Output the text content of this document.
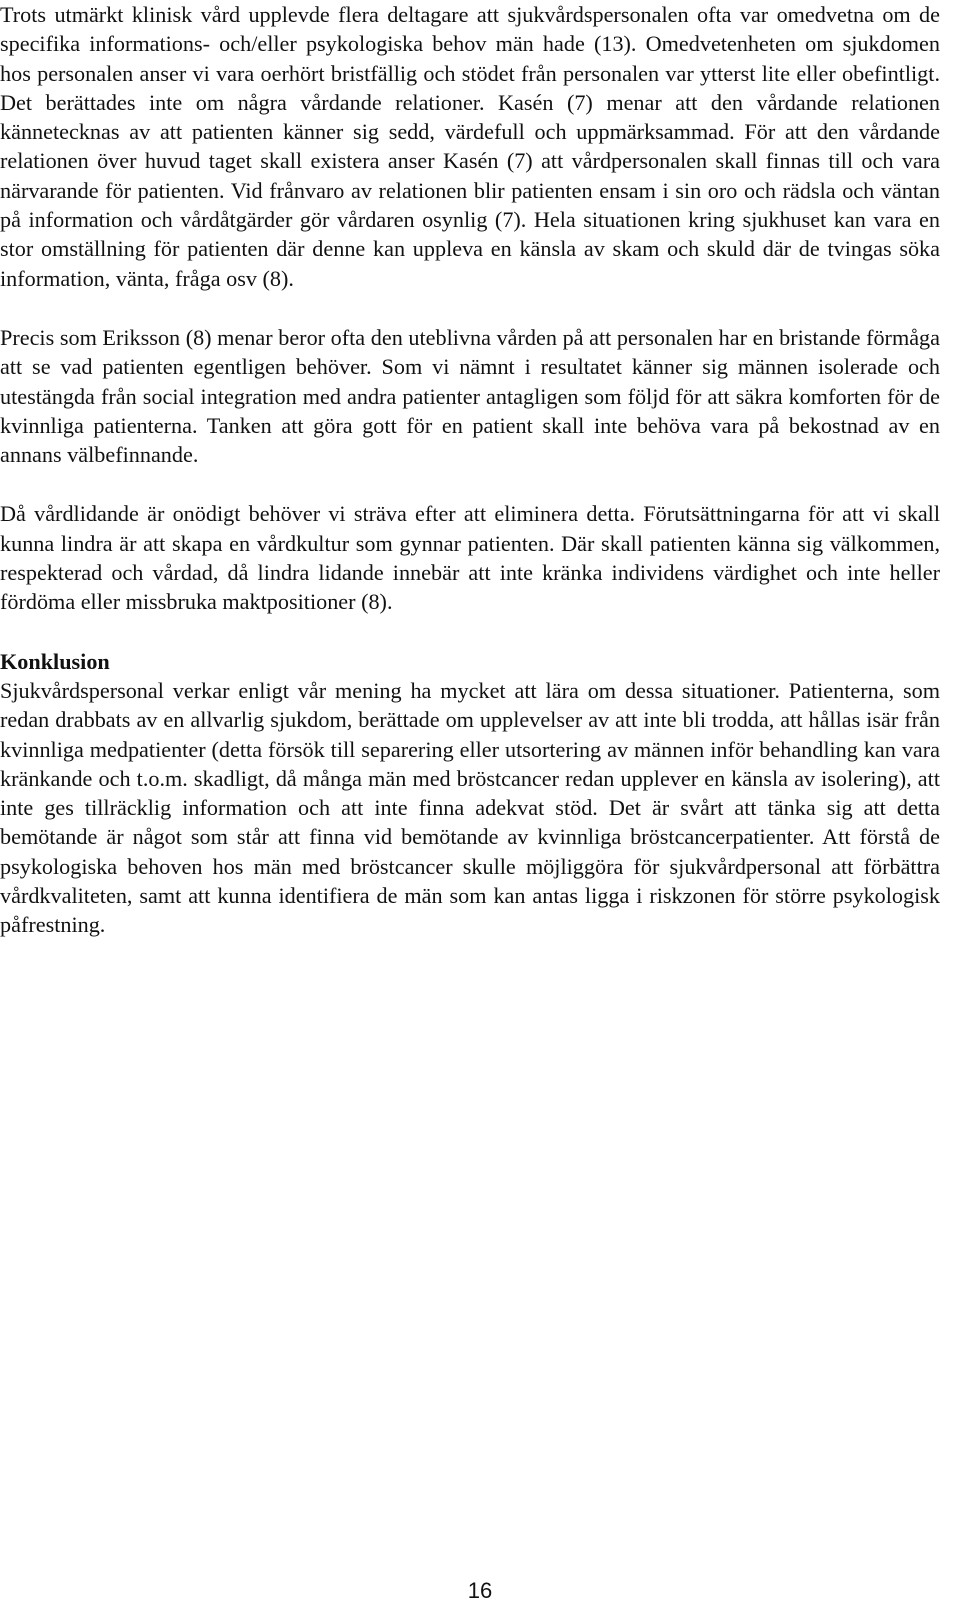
Trots utmärkt klinisk vård upplevde flera deltagare att sjukvårdspersonalen ofta var omedvetna om de specifika informations- och/eller psykologiska behov män hade (13). Omedvetenheten om sjukdomen hos personalen anser vi vara oerhört bristfällig och stödet från personalen var ytterst lite eller obefintligt. Det berättades inte om några vårdande relationer. Kasén (7) menar att den vårdande relationen kännetecknas av att patienten känner sig sedd, värdefull och uppmärksammad. För att den vårdande relationen över huvud taget skall existera anser Kasén (7) att vårdpersonalen skall finnas till och vara närvarande för patienten. Vid frånvaro av relationen blir patienten ensam i sin oro och rädsla och väntan på information och vårdåtgärder gör vårdaren osynlig (7). Hela situationen kring sjukhuset kan vara en stor omställning för patienten där denne kan uppleva en känsla av skam och skuld där de tvingas söka information, vänta, fråga osv (8).

Precis som Eriksson (8) menar beror ofta den uteblivna vården på att personalen har en bristande förmåga att se vad patienten egentligen behöver. Som vi nämnt i resultatet känner sig männen isolerade och utestängda från social integration med andra patienter antagligen som följd för att säkra komforten för de kvinnliga patienterna. Tanken att göra gott för en patient skall inte behöva vara på bekostnad av en annans välbefinnande.

Då vårdlidande är onödigt behöver vi sträva efter att eliminera detta. Förutsättningarna för att vi skall kunna lindra är att skapa en vårdkultur som gynnar patienten. Där skall patienten känna sig välkommen, respekterad och vårdad, då lindra lidande innebär att inte kränka individens värdighet och inte heller fördöma eller missbruka maktpositioner (8).

Konklusion

Sjukvårdspersonal verkar enligt vår mening ha mycket att lära om dessa situationer. Patienterna, som redan drabbats av en allvarlig sjukdom, berättade om upplevelser av att inte bli trodda, att hållas isär från kvinnliga medpatienter (detta försök till separering eller utsortering av männen inför behandling kan vara kränkande och t.o.m. skadligt, då många män med bröstcancer redan upplever en känsla av isolering), att inte ges tillräcklig information och att inte finna adekvat stöd. Det är svårt att tänka sig att detta bemötande är något som står att finna vid bemötande av kvinnliga bröstcancerpatienter. Att förstå de psykologiska behoven hos män med bröstcancer skulle möjliggöra för sjukvårdpersonal att förbättra vårdkvaliteten, samt att kunna identifiera de män som kan antas ligga i riskzonen för större psykologisk påfrestning.

16
